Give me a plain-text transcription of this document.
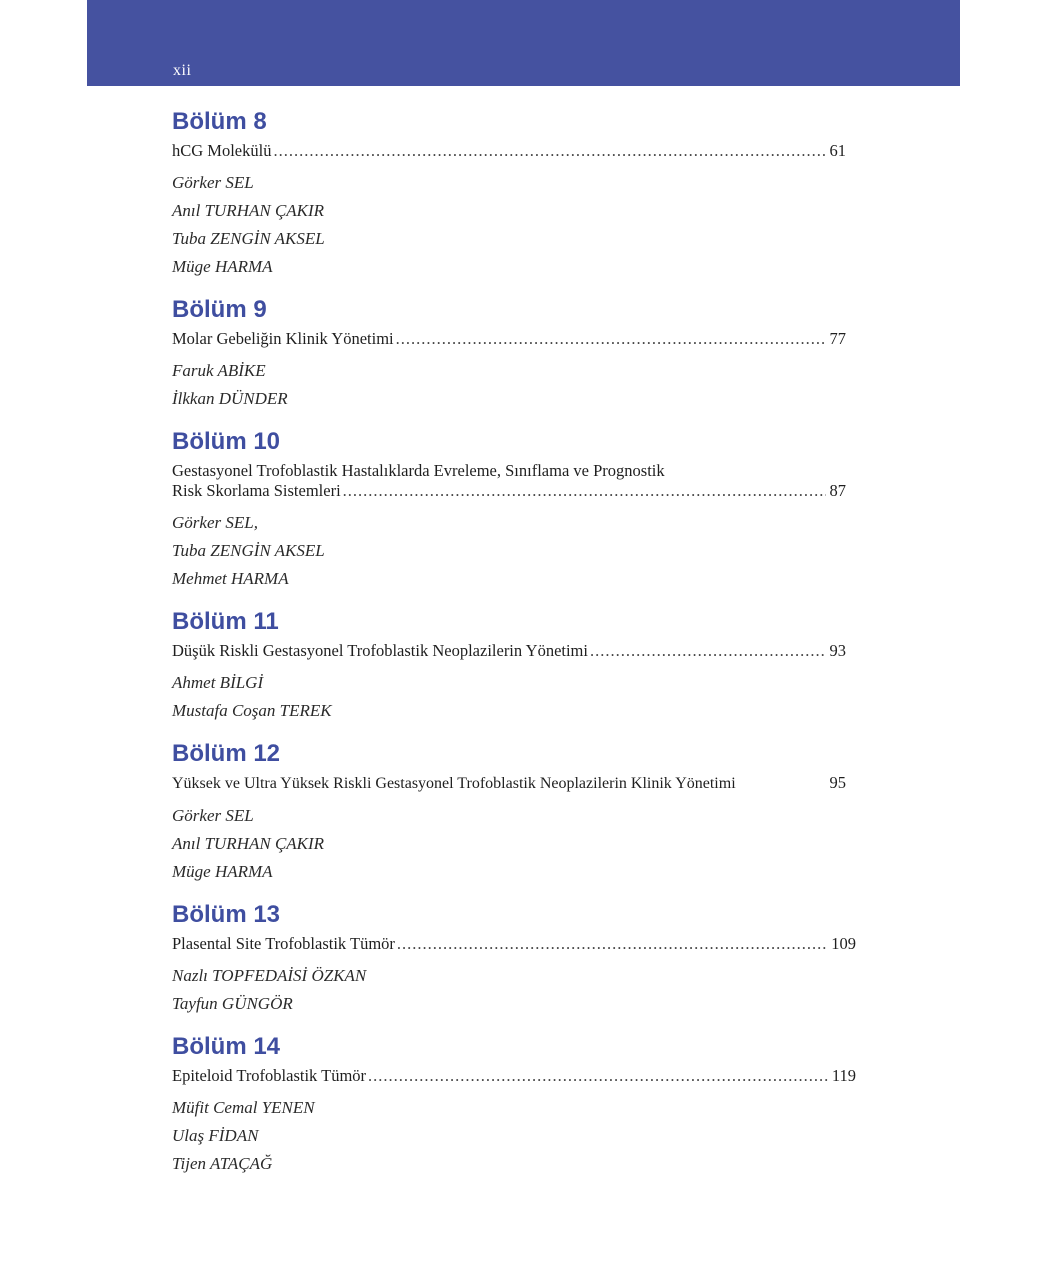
xii
Bölüm 8
hCG Molekülü .....	61
Görker SEL
Anıl TURHAN ÇAKIR
Tuba ZENGİN AKSEL
Müge HARMA
Bölüm 9
Molar Gebeliğin Klinik Yönetimi .....	77
Faruk ABİKE
İlkkan DÜNDER
Bölüm 10
Gestasyonel Trofoblastik Hastalıklarda Evreleme, Sınıflama ve Prognostik
Risk Skorlama Sistemleri .....	87
Görker SEL,
Tuba ZENGİN AKSEL
Mehmet HARMA
Bölüm 11
Düşük Riskli Gestasyonel Trofoblastik Neoplazilerin Yönetimi .....	93
Ahmet BİLGİ
Mustafa Coşan TEREK
Bölüm 12
Yüksek ve Ultra Yüksek Riskli Gestasyonel Trofoblastik Neoplazilerin Klinik Yönetimi	95
Görker SEL
Anıl TURHAN ÇAKIR
Müge HARMA
Bölüm 13
Plasental Site Trofoblastik Tümör .....	109
Nazlı TOPFEDAİSİ ÖZKAN
Tayfun GÜNGÖR
Bölüm 14
Epiteloid Trofoblastik Tümör .....	119
Müfit Cemal YENEN
Ulaş FİDAN
Tijen ATAÇAĞ
